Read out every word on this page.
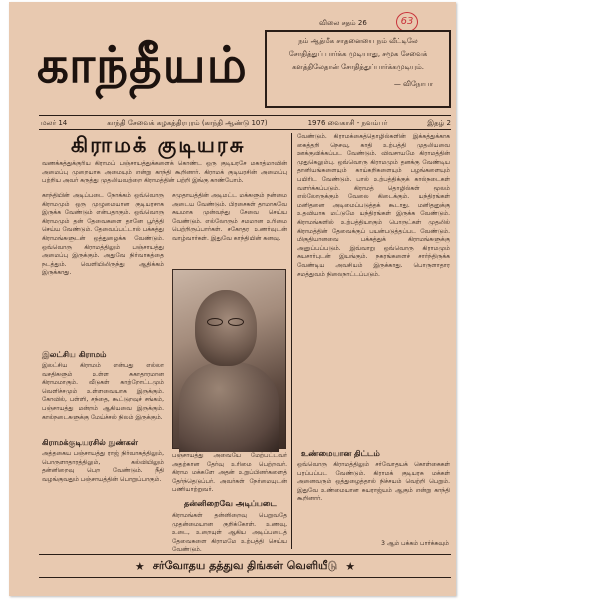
63
விலை சதம் 26
காந்தீயம்	நம் ஆத்மீக சாதனையை நம் வீட்டிலே
சோதித்துப் பார்க்க முடியாது, சமூக சேவைக்
களத்திலேதான் சோதித்துப்பார்க்கமுடியும்.
— விநோபா
மலர் 14	காந்தி சேவைக் கழகத்திரபுரம் (காந்தி ஆண்டு 107)	1976 வைகாசி - நவம்பர்	இதழ் 2
கிராமக் குடியரசு

வணக்கத்துக்குரிய கிராமப் பஞ்சாயத்துக்களைக் கொண்ட ஒரு குடியரசே மகாத்மாவின் அமைப்பு முறையாக அமையும் என்று காந்தி கூறினார். கிராமக் குடியரசின் அமைப்பு பற்றிய அவர் கருத்து முதலியவற்றை கிராமத்தின் பற்றி இங்கு காண்போம்.

காந்தியின் அடிப்படை நோக்கம் ஒவ்வொரு கிராமமும் ஒரு முழுமையான குடியரசாக இருக்க வேண்டும் என்பதாகும். ஒவ்வொரு கிராமமும் தன் தேவைகளை தானே பூர்த்தி செய்ய வேண்டும். தேவைப்பட்டால் பக்கத்து கிராமங்களுடன் ஒத்துழைக்க வேண்டும். ஒவ்வொரு கிராமத்திலும் பஞ்சாயத்து அமைப்பு இருக்கும். அதுவே நிர்வாகத்தை நடத்தும். வெளியிலிருந்து ஆதிக்கம் இருக்காது.

இலட்சிய கிராமம்

இலட்சிய கிராமம் என்பது எல்லா வசதிகளும் உள்ள சுகாதாரமான கிராமமாகும். வீடுகள் காற்றோட்டமும் வெளிச்சமும் உள்ளவையாக இருக்கும். கோவில், பள்ளி, சந்தை, கூட்டுறவுச் சங்கம், பஞ்சாயத்து மன்றம் ஆகியவை இருக்கும். கால்நடைகளுக்கு மேய்ச்சல் நிலம் இருக்கும்.

கிராமக்குடியரசில் நுண்கள்

அத்தகைய பஞ்சாயத்து ராஜ் நிர்வாகத்திலும், பொருளாதாரத்திலும், கல்வியிலும் தன்னிறைவு பெற வேண்டும். நீதி வழங்குவதும் பஞ்சாயத்தின் பொறுப்பாகும்.

சமுதாயத்தின் அடிமட்ட மக்களும் நன்மை அடைய வேண்டும். பிரசைகள் தாமாகவே சுயமாக முன்வந்து சேவை செய்ய வேண்டும். எல்லோரும் சமமான உரிமை பெற்றிருப்பார்கள். சகோதர உணர்வுடன் வாழ்வார்கள். இதுவே காந்தியின் கனவு.

பஞ்சாயத்து அவையே மேற்பட்டவர் அதற்கான தேர்வு உரிமை பெற்றவர். கிராம மக்களே அதன் உறுப்பினர்களைத் தேர்ந்தெடுப்பர். அவர்கள் நேர்மையுடன் பணியாற்றுவர்.

தன்னிறைவே அடிப்படை

கிராமங்கள் தன்னிறைவு பெறுவதே முதன்மையான குறிக்கோள். உணவு, உடை, உறையுள் ஆகிய அடிப்படைத் தேவைகளை கிராமமே உற்பத்தி செய்ய வேண்டும்.

வேண்டும். கிராமக்கைத்தொழில்களின் இக்கத்துக்காக கைத்தறி நெசவு, காதி உற்பத்தி முதலியவை ஊக்குவிக்கப்பட வேண்டும். விவசாயமே கிராமத்தின் முதுகெலும்பு. ஒவ்வொரு கிராமமும் தனக்கு வேண்டிய தானியங்களையும் காய்கறிகளையும் பழங்களையும் பயிரிட வேண்டும். பால் உற்பத்திக்குக் கால்நடைகள் வளர்க்கப்படும். கிராமத் தொழில்கள் மூலம் எல்லோருக்கும் வேலை கிடைக்கும். யந்திரங்கள் மனிதனை அடிமைப்படுத்தக் கூடாது. மனிதனுக்கு உதவியாக மட்டுமே யந்திரங்கள் இருக்க வேண்டும். கிராமங்களில் உற்பத்தியாகும் பொருட்கள் முதலில் கிராமத்தின் தேவைக்குப் பயன்படுத்தப்பட வேண்டும். மிகுதியானவை பக்கத்துக் கிராமங்களுக்கு அனுப்பப்படும். இவ்வாறு ஒவ்வொரு கிராமமும் சுயசார்புடன் இயங்கும். நகரங்களைச் சார்ந்திருக்க வேண்டிய அவசியம் இருக்காது. பொருளாதார சமத்துவம் நிலைநாட்டப்படும்.

உண்மையான திட்டம்

ஒவ்வொரு கிராமத்திலும் சர்வோதயக் கொள்கைகள் பரப்பப்பட வேண்டும். கிராமக் குடியரசு மக்கள் அனைவரும் ஒத்துழைத்தால் நிச்சயம் வெற்றி பெறும். இதுவே உண்மையான சுயராஜ்யம் ஆகும் என்று காந்தி கூறினார்.

3 ஆம் பக்கம் பார்க்கவும்
★ சர்வோதய தத்துவ திங்கள் வெளியீடு ★
